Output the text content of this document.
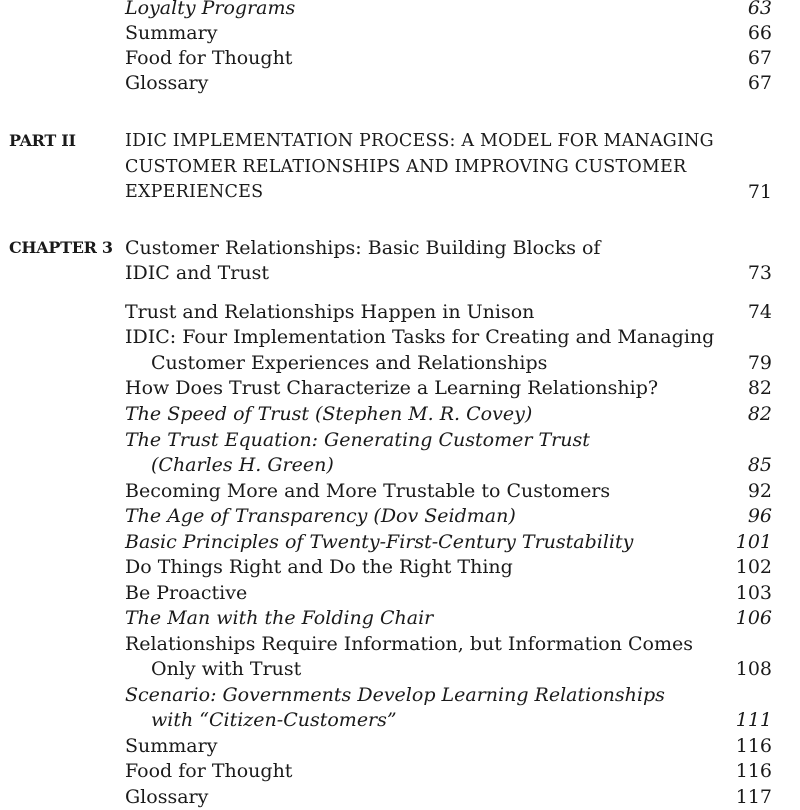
Loyalty Programs	63
Summary	66
Food for Thought	67
Glossary	67
PART II	IDIC IMPLEMENTATION PROCESS: A MODEL FOR MANAGING
CUSTOMER RELATIONSHIPS AND IMPROVING CUSTOMER
EXPERIENCES	71
CHAPTER 3 Customer Relationships: Basic Building Blocks of
IDIC and Trust	73
Trust and Relationships Happen in Unison	74
IDIC: Four Implementation Tasks for Creating and Managing
Customer Experiences and Relationships	79
How Does Trust Characterize a Learning Relationship?	82
The Speed of Trust (Stephen M. R. Covey)	82
The Trust Equation: Generating Customer Trust
(Charles H. Green)	85
Becoming More and More Trustable to Customers	92
The Age of Transparency (Dov Seidman)	96
Basic Principles of Twenty-First-Century Trustability	101
Do Things Right and Do the Right Thing	102
Be Proactive	103
The Man with the Folding Chair	106
Relationships Require Information, but Information Comes
Only with Trust	108
Scenario: Governments Develop Learning Relationships
with “Citizen-Customers”	111
Summary	116
Food for Thought	116
Glossary	117
